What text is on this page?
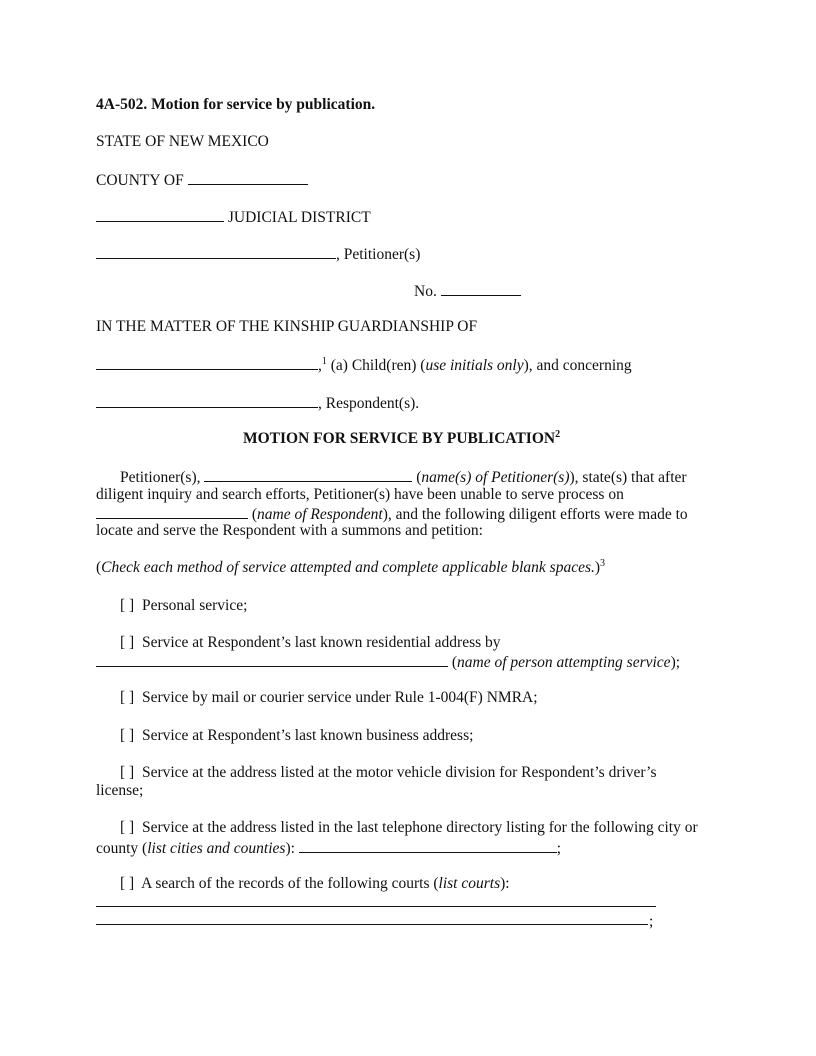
4A-502. Motion for service by publication.
STATE OF NEW MEXICO
COUNTY OF
JUDICIAL DISTRICT
, Petitioner(s)
No.
IN THE MATTER OF THE KINSHIP GUARDIANSHIP OF
,$^1$ (a) Child(ren) (use initials only), and concerning
, Respondent(s).
MOTION FOR SERVICE BY PUBLICATION$^2$
Petitioner(s),	(name(s) of Petitioner(s)), state(s) that after
diligent inquiry and search efforts, Petitioner(s) have been unable to serve process on
(name of Respondent), and the following diligent efforts were made to
locate and serve the Respondent with a summons and petition:
(Check each method of service attempted and complete applicable blank spaces.)$^3$
[ ] Personal service;
[ ] Service at Respondent’s last known residential address by
(name of person attempting service);
[ ] Service by mail or courier service under Rule 1-004(F) NMRA;
[ ] Service at Respondent’s last known business address;
[ ] Service at the address listed at the motor vehicle division for Respondent’s driver’s
license;
[ ] Service at the address listed in the last telephone directory listing for the following city or
county (list cities and counties):	;
[ ] A search of the records of the following courts (list courts):
;
